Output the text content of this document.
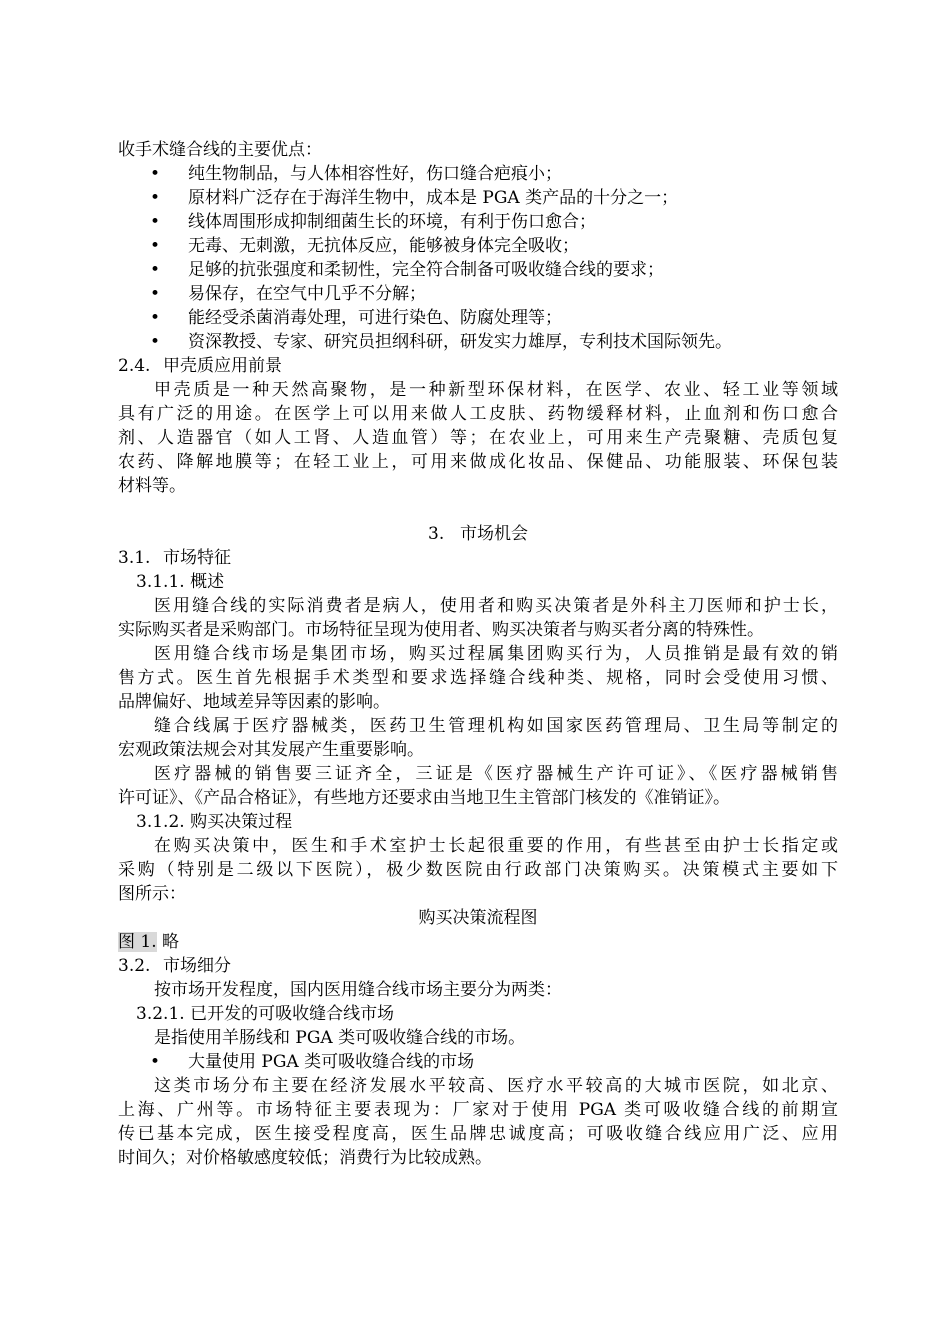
收手术缝合线的主要优点：
•	纯生物制品，与人体相容性好，伤口缝合疤痕小；
•	原材料广泛存在于海洋生物中，成本是 PGA 类产品的十分之一；
•	线体周围形成抑制细菌生长的环境，有利于伤口愈合；
•	无毒、无刺激，无抗体反应，能够被身体完全吸收；
•	足够的抗张强度和柔韧性，完全符合制备可吸收缝合线的要求；
•	易保存，在空气中几乎不分解；
•	能经受杀菌消毒处理，可进行染色、防腐处理等；
•	资深教授、专家、研究员担纲科研，研发实力雄厚，专利技术国际领先。
2.4. 甲壳质应用前景
甲壳质是一种天然高聚物，是一种新型环保材料，在医学、农业、轻工业等领域
具有广泛的用途。在医学上可以用来做人工皮肤、药物缓释材料，止血剂和伤口愈合
剂、人造器官（如人工肾、人造血管）等；在农业上，可用来生产壳聚糖、壳质包复
农药、降解地膜等；在轻工业上，可用来做成化妆品、保健品、功能服装、环保包装
材料等。
3. 市场机会
3.1. 市场特征
3.1.1. 概述
医用缝合线的实际消费者是病人，使用者和购买决策者是外科主刀医师和护士长，
实际购买者是采购部门。市场特征呈现为使用者、购买决策者与购买者分离的特殊性。
医用缝合线市场是集团市场，购买过程属集团购买行为，人员推销是最有效的销
售方式。医生首先根据手术类型和要求选择缝合线种类、规格，同时会受使用习惯、
品牌偏好、地域差异等因素的影响。
缝合线属于医疗器械类，医药卫生管理机构如国家医药管理局、卫生局等制定的
宏观政策法规会对其发展产生重要影响。
医疗器械的销售要三证齐全，三证是《医疗器械生产许可证》、《医疗器械销售
许可证》、《产品合格证》，有些地方还要求由当地卫生主管部门核发的《准销证》。
3.1.2. 购买决策过程
在购买决策中，医生和手术室护士长起很重要的作用，有些甚至由护士长指定或
采购（特别是二级以下医院），极少数医院由行政部门决策购买。决策模式主要如下
图所示：
购买决策流程图
图 1. 略
3.2. 市场细分
按市场开发程度，国内医用缝合线市场主要分为两类：
3.2.1. 已开发的可吸收缝合线市场
是指使用羊肠线和 PGA 类可吸收缝合线的市场。
•	大量使用 PGA 类可吸收缝合线的市场
这类市场分布主要在经济发展水平较高、医疗水平较高的大城市医院，如北京、
上海、广州等。市场特征主要表现为：厂家对于使用 PGA 类可吸收缝合线的前期宣
传已基本完成，医生接受程度高，医生品牌忠诚度高；可吸收缝合线应用广泛、应用
时间久；对价格敏感度较低；消费行为比较成熟。
